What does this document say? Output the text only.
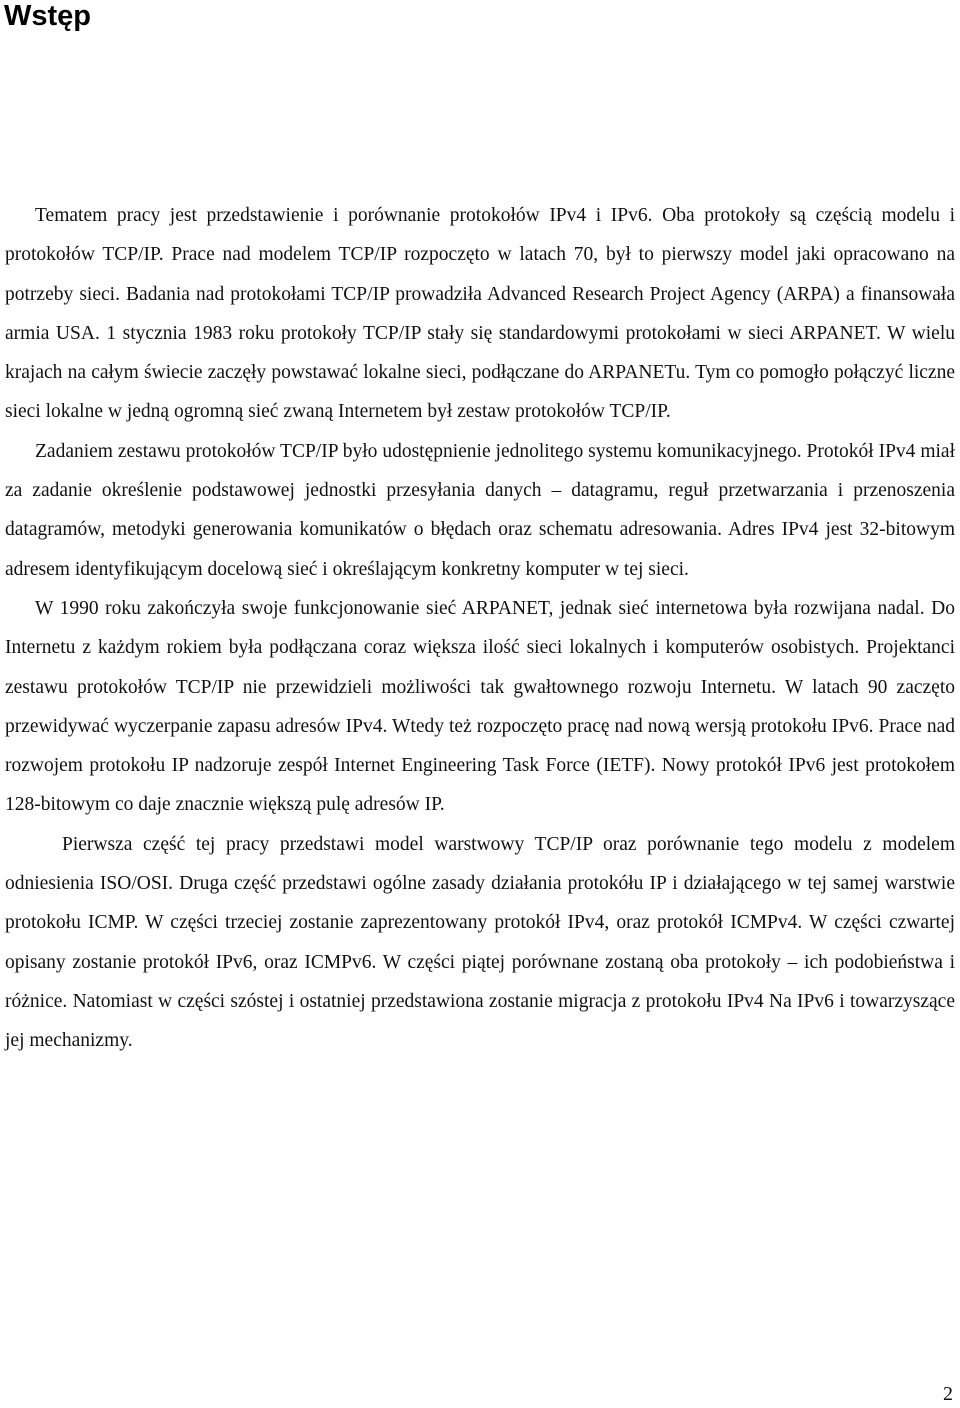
Wstęp

Tematem pracy jest przedstawienie i porównanie protokołów IPv4 i IPv6. Oba protokoły są częścią modelu i protokołów TCP/IP. Prace nad modelem TCP/IP rozpoczęto w latach 70, był to pierwszy model jaki opracowano na potrzeby sieci. Badania nad protokołami TCP/IP prowadziła Advanced Research Project Agency (ARPA) a finansowała armia USA. 1 stycznia 1983 roku protokoły TCP/IP stały się standardowymi protokołami w sieci ARPANET. W wielu krajach na całym świecie zaczęły powstawać lokalne sieci, podłączane do ARPANETu. Tym co pomogło połączyć liczne sieci lokalne w jedną ogromną sieć zwaną Internetem był zestaw protokołów TCP/IP.

Zadaniem zestawu protokołów TCP/IP było udostępnienie jednolitego systemu komunikacyjnego. Protokół IPv4 miał za zadanie określenie podstawowej jednostki przesyłania danych – datagramu, reguł przetwarzania i przenoszenia datagramów, metodyki generowania komunikatów o błędach oraz schematu adresowania. Adres IPv4 jest 32-bitowym adresem identyfikującym docelową sieć i określającym konkretny komputer w tej sieci.

W 1990 roku zakończyła swoje funkcjonowanie sieć ARPANET, jednak sieć internetowa była rozwijana nadal. Do Internetu z każdym rokiem była podłączana coraz większa ilość sieci lokalnych i komputerów osobistych. Projektanci zestawu protokołów TCP/IP nie przewidzieli możliwości tak gwałtownego rozwoju Internetu. W latach 90 zaczęto przewidywać wyczerpanie zapasu adresów IPv4. Wtedy też rozpoczęto pracę nad nową wersją protokołu IPv6. Prace nad rozwojem protokołu IP nadzoruje zespół Internet Engineering Task Force (IETF). Nowy protokół IPv6 jest protokołem 128-bitowym co daje znacznie większą pulę adresów IP.

Pierwsza część tej pracy przedstawi model warstwowy TCP/IP oraz porównanie tego modelu z modelem odniesienia ISO/OSI. Druga część przedstawi ogólne zasady działania protokółu IP i działającego w tej samej warstwie protokołu ICMP. W części trzeciej zostanie zaprezentowany protokół IPv4, oraz protokół ICMPv4. W części czwartej opisany zostanie protokół IPv6, oraz ICMPv6. W części piątej porównane zostaną oba protokoły – ich podobieństwa i różnice. Natomiast w części szóstej i ostatniej przedstawiona zostanie migracja z protokołu IPv4 Na IPv6 i towarzyszące jej mechanizmy.

2
